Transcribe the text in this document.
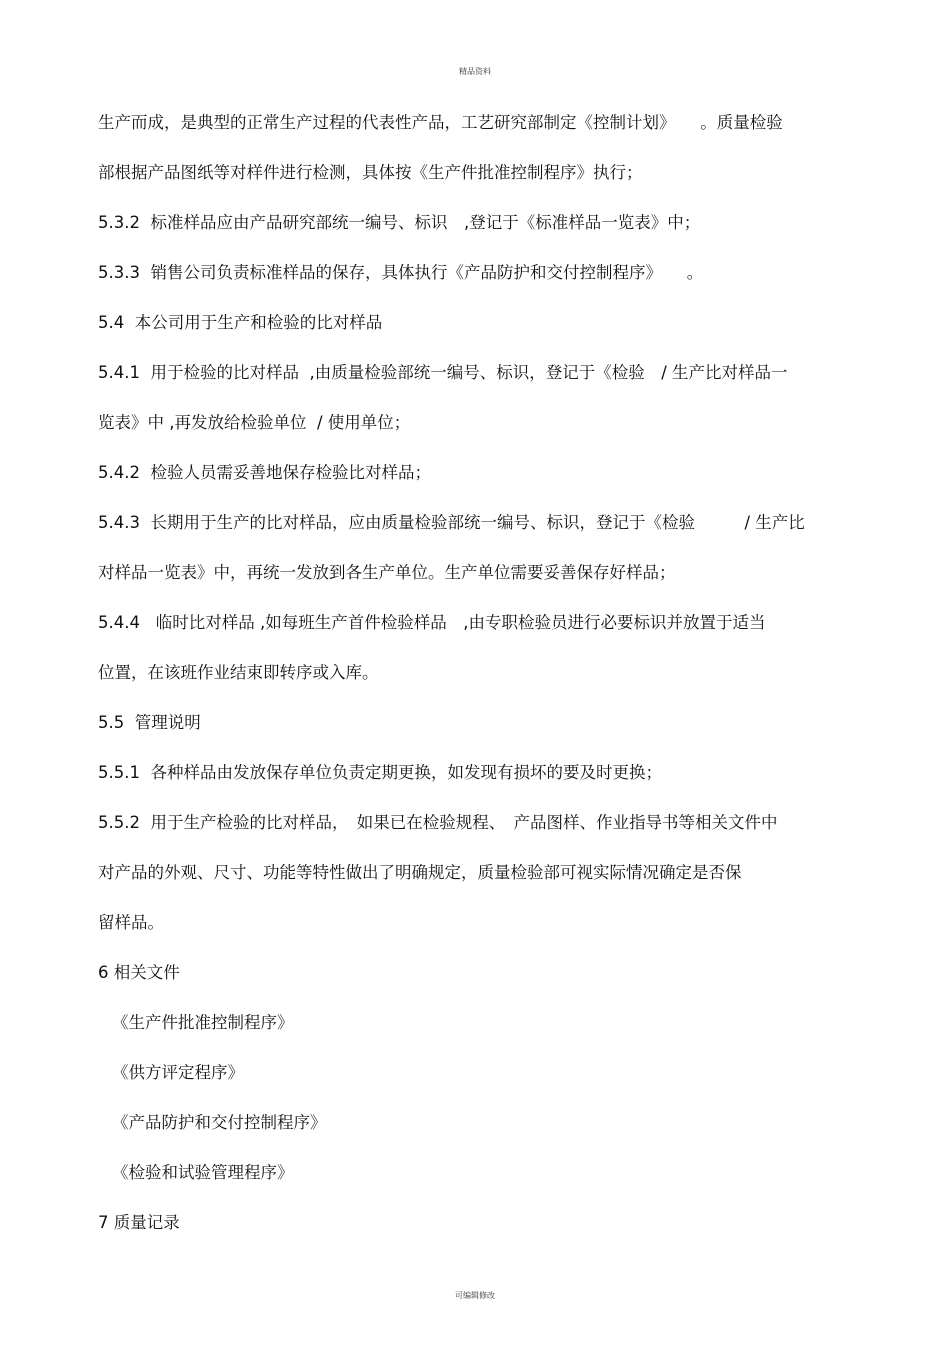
精品资料
生产而成，是典型的正常生产过程的代表性产品，工艺研究部制定《控制计划》　　。质量检验
部根据产品图纸等对样件进行检测，具体按《生产件批准控制程序》执行；
5.3.2  标准样品应由产品研究部统一编号、标识　,登记于《标准样品一览表》中；
5.3.3  销售公司负责标准样品的保存，具体执行《产品防护和交付控制程序》　　。
5.4  本公司用于生产和检验的比对样品
5.4.1  用于检验的比对样品  ,由质量检验部统一编号、标识，登记于《检验　/ 生产比对样品一
览表》中 ,再发放给检验单位  / 使用单位；
5.4.2  检验人员需妥善地保存检验比对样品；
5.4.3  长期用于生产的比对样品，应由质量检验部统一编号、标识，登记于《检验　　　/ 生产比
对样品一览表》中，再统一发放到各生产单位。生产单位需要妥善保存好样品；
5.4.4   临时比对样品 ,如每班生产首件检验样品　,由专职检验员进行必要标识并放置于适当
位置，在该班作业结束即转序或入库。
5.5  管理说明
5.5.1  各种样品由发放保存单位负责定期更换，如发现有损坏的要及时更换；
5.5.2  用于生产检验的比对样品，　如果已在检验规程、　产品图样、作业指导书等相关文件中
对产品的外观、尺寸、功能等特性做出了明确规定，质量检验部可视实际情况确定是否保
留样品。
6 相关文件
《生产件批准控制程序》
《供方评定程序》
《产品防护和交付控制程序》
《检验和试验管理程序》
7 质量记录
可编辑修改
